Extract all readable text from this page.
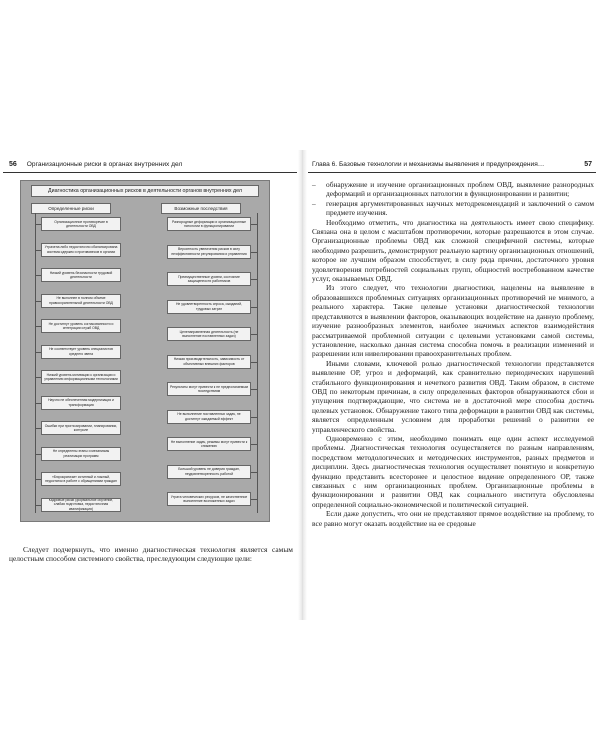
56 Организационные риски в органах внутренних дел
Диагностика организационных рисков в деятельности органов внутренних дел
Определенные риски	Возможные последствия
Организационное противоречие в деятельности ОВД
Утрачена либо недостаточно сбалансирована система сдержек и противовесов в органах
Низкий уровень безопасности трудовой деятельности
Не выполнен в полном объеме правоохранительной деятельности ОВД
Не достигнут уровень согласованности и интеграции служб ОВД
Не соответствует уровень специалистов среднего звена
Низкий уровень мотивации к организации и управлению информационными технологиями
Научно не обеспеченная модернизация и трансформация
Ошибки при прогнозировании, планировании, контроле
Не определены этапы и механизмы реализации программ
«Бюрократизм» истинный и ложный, недостаток в работе с обращениями граждан
Кадровые риски (формальное обучение, слабая подготовка, недостаточная квалификация)
Разнородные деформации и организационные патологии в функционировании
Вероятность увеличения рисков в силу неэффективности регулирования и управления
Преимущественные уровни, состояние защищенности работников
Не удовлетворенность спроса, ожиданий, трудовых затрат
Целенаправленная деятельность (не выполнение поставленных задач)
Низкая производительность, зависимость от объективных внешних факторов
Результаты могут привести к не предполагаемым последствиям
Не выполнение поставленных задач, не достигнут ожидаемый эффект
Не выполнение задач, режимы могут привести к снижению
Большой уровень не доверия граждан, неудовлетворенность работой
Утрата человеческих ресурсов, не качественное выполнение возложенных задач

Следует подчеркнуть, что именно диагностическая технология является самым целостным способом системного свойства, преследующим следующие цели:

Глава 6. Базовые технологии и механизмы выявления и предупреждения…	57
–	обнаружение и изучение организационных проблем ОВД, выявление разнородных деформаций и организационных патологии в функционировании и развитии;
–	генерация аргументированных научных методрекомендаций и заключений о самом предмете изучения.

Необходимо отметить, что диагностика на деятельность имеет свою специфику. Связана она в целом с масштабом противоречии, которые разрешаются в этом случае. Организационные проблемы ОВД как сложной специфичной системы, которые необходимо разрешить, демонстрируют реальную картину организационных отношений, которое не лучшим образом способствует, в силу ряда причин, достаточного уровня удовлетворения потребностей социальных групп, общностей востребованном качестве услуг, оказываемых ОВД.

Из этого следует, что технологии диагностики, нацелены на выявление в образовавшихся проблемных ситуациях организационных противоречий не мнимого, а реального характера. Также целевые установки диагностической технологии представляются в выявлении факторов, оказывающих воздействие на данную проблему, изучение разнообразных элементов, наиболее значимых аспектов взаимодействия рассматриваемой проблемной ситуации с целевыми установками самой системы, установление, насколько данная система способна помочь в реализации изменений и разрешении или нивелировании правоохранительных проблем.

Иными словами, ключевой ролью диагностической технологии представляется выявление ОР, угроз и деформаций, как сравнительно периодических нарушений стабильного функционирования и нечеткого развития ОВД. Таким образом, в системе ОВД по некоторым причинам, в силу определенных факторов обнаруживаются сбои и упущения подтверждающие, что система не в достаточной мере способна достичь целевых установок. Обнаружение такого типа деформации в развитии ОВД как системы, является определенным условием для проработки решений о развитии ее управленческого свойства.

Одновременно с этим, необходимо понимать еще один аспект исследуемой проблемы. Диагностическая технология осуществляется по разным направлениям, посредством методологических и методических инструментов, разных предметов и дисциплин. Здесь диагностическая технология осуществляет понятную и конкретную функцию представить всесторонее и целостное видение определенного ОР, также связанных с ним организационных проблем. Организационные проблемы в функционировании и развитии ОВД как социального института обусловлены определенной социально-экономической и политической ситуацией.

Если даже допустить, что они не представляют прямое воздействие на проблему, то все равно могут оказать воздействие на ее средовые
